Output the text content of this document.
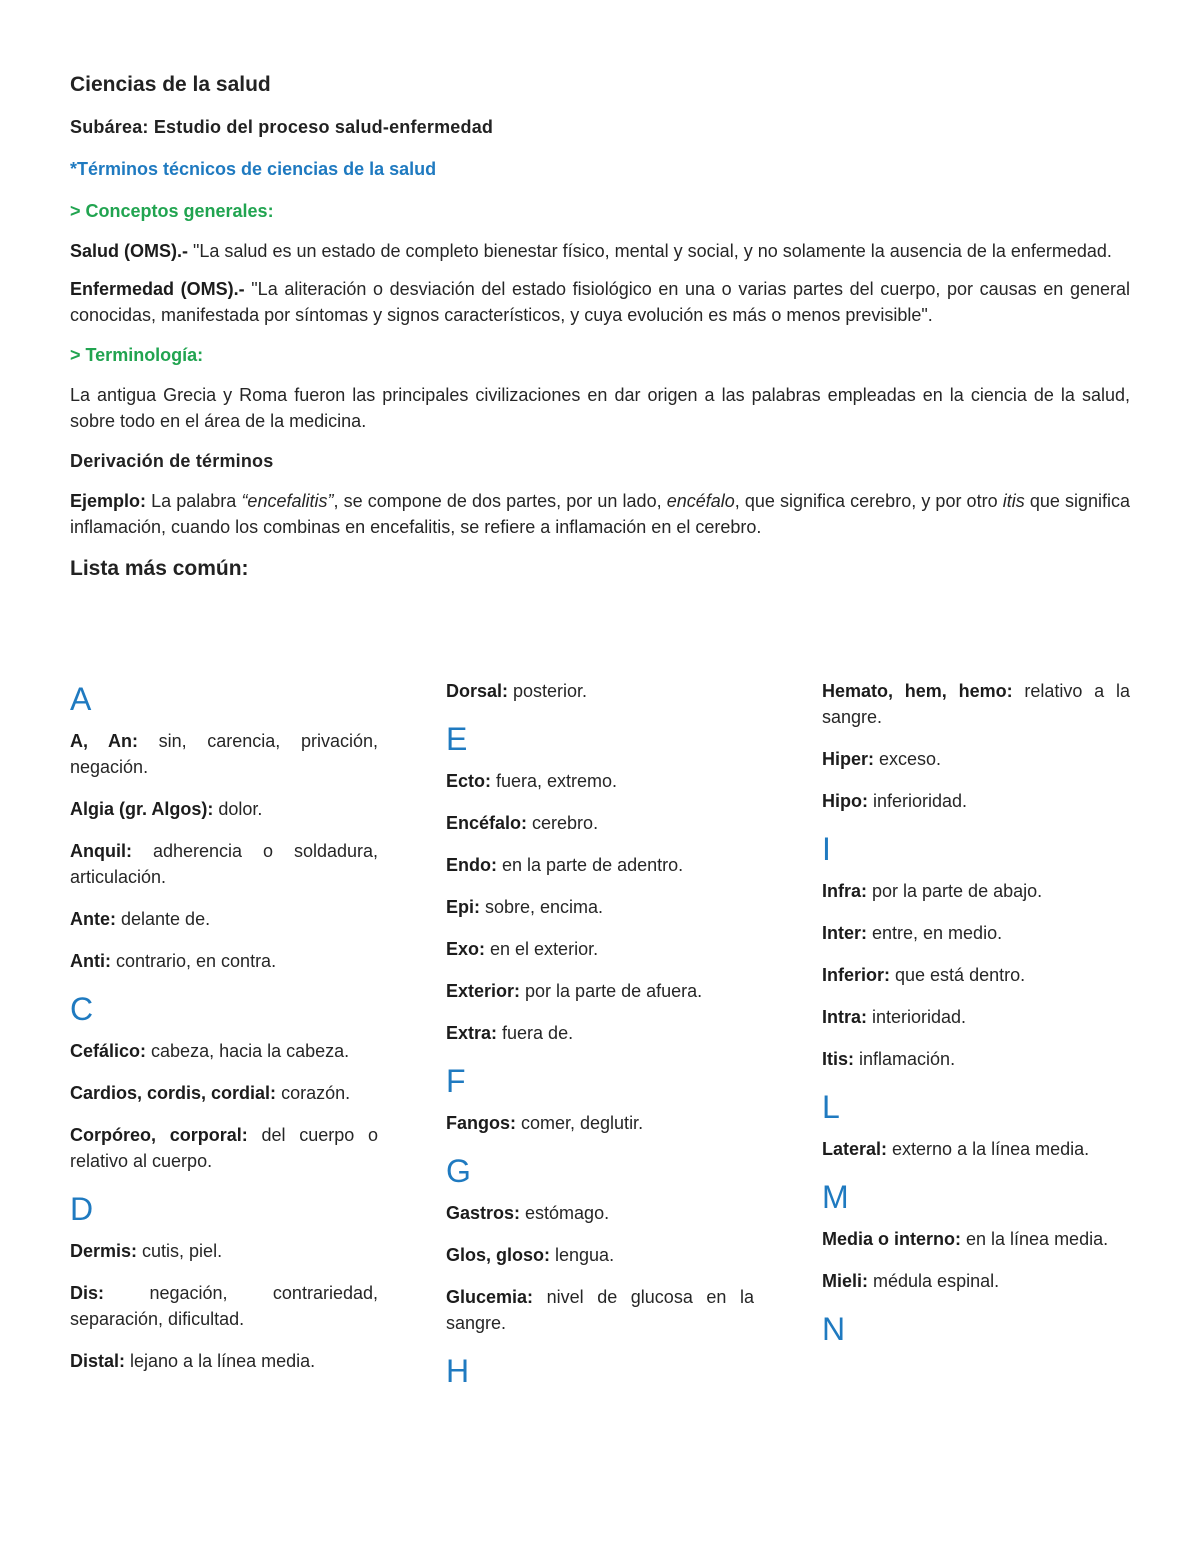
Ciencias de la salud

Subárea: Estudio del proceso salud-enfermedad

*Términos técnicos de ciencias de la salud

> Conceptos generales:

Salud (OMS).- "La salud es un estado de completo bienestar físico, mental y social, y no solamente la ausencia de la enfermedad.

Enfermedad (OMS).- "La aliteración o desviación del estado fisiológico en una o varias partes del cuerpo, por causas en general conocidas, manifestada por síntomas y signos característicos, y cuya evolución es más o menos previsible".

> Terminología:

La antigua Grecia y Roma fueron las principales civilizaciones en dar origen a las palabras empleadas en la ciencia de la salud, sobre todo en el área de la medicina.

Derivación de términos

Ejemplo: La palabra “encefalitis”, se compone de dos partes, por un lado, encéfalo, que significa cerebro, y por otro itis que significa inflamación, cuando los combinas en encefalitis, se refiere a inflamación en el cerebro.

Lista más común:

A

A, An: sin, carencia, privación, negación.

Algia (gr. Algos): dolor.

Anquil: adherencia o soldadura, articulación.

Ante: delante de.

Anti: contrario, en contra.

C

Cefálico: cabeza, hacia la cabeza.

Cardios, cordis, cordial: corazón.

Corpóreo, corporal: del cuerpo o relativo al cuerpo.

D

Dermis: cutis, piel.

Dis: negación, contrariedad, separación, dificultad.

Distal: lejano a la línea media.

Dorsal: posterior.

E

Ecto: fuera, extremo.

Encéfalo: cerebro.

Endo: en la parte de adentro.

Epi: sobre, encima.

Exo: en el exterior.

Exterior: por la parte de afuera.

Extra: fuera de.

F

Fangos: comer, deglutir.

G

Gastros: estómago.

Glos, gloso: lengua.

Glucemia: nivel de glucosa en la sangre.

H

Hemato, hem, hemo: relativo a la sangre.

Hiper: exceso.

Hipo: inferioridad.

I

Infra: por la parte de abajo.

Inter: entre, en medio.

Inferior: que está dentro.

Intra: interioridad.

Itis: inflamación.

L

Lateral: externo a la línea media.

M

Media o interno: en la línea media.

Mieli: médula espinal.

N
